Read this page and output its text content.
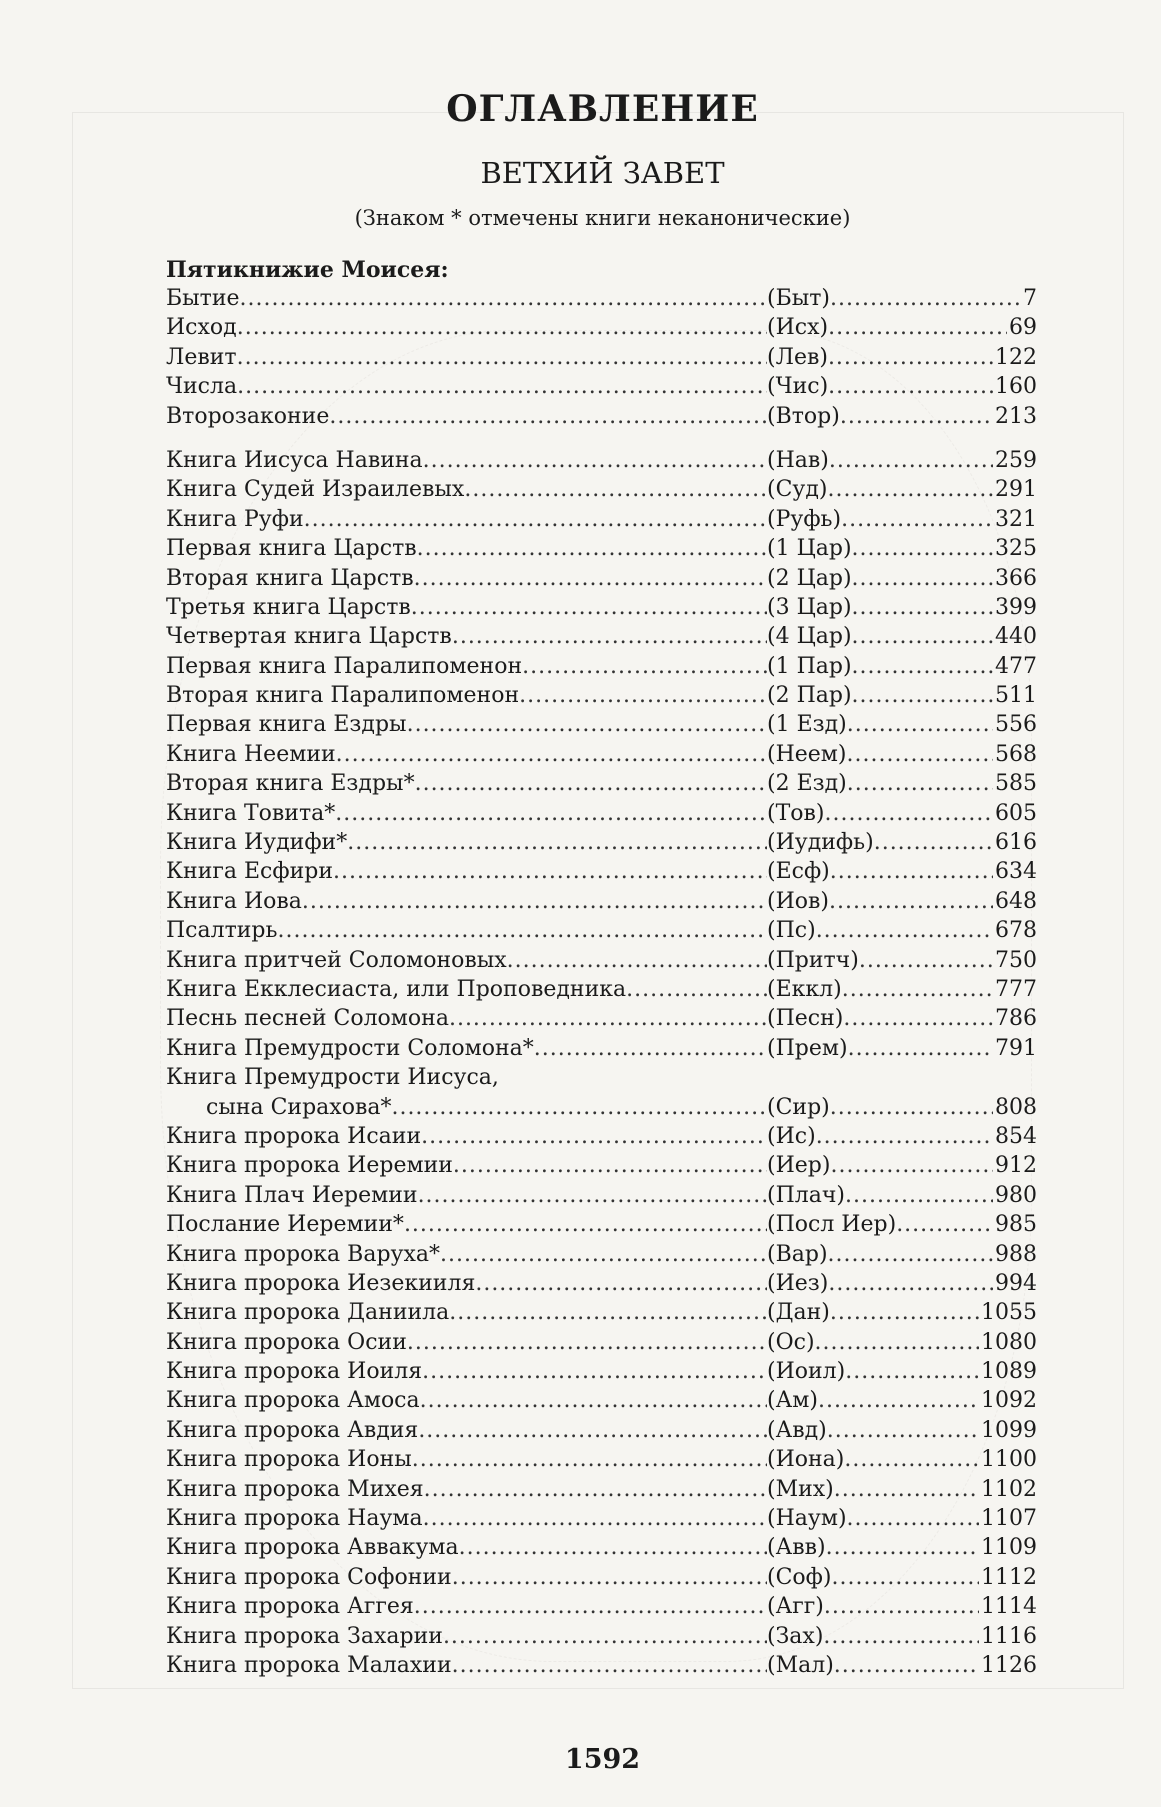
ОГЛАВЛЕНИЕ
ВЕТХИЙ ЗАВЕТ
(Знаком * отмечены книги неканонические)
Пятикнижие Моисея:
Бытие .....	(Быт) .....	7
Исход .....	(Исх) .....	69
Левит .....	(Лев) .....	122
Числа .....	(Чис) .....	160
Второзаконие .....	(Втор) .....	213
Книга Иисуса Навина .....	(Нав) .....	259
Книга Судей Израилевых .....	(Суд) .....	291
Книга Руфи .....	(Руфь) .....	321
Первая книга Царств .....	(1 Цар) .....	325
Вторая книга Царств .....	(2 Цар) .....	366
Третья книга Царств .....	(3 Цар) .....	399
Четвертая книга Царств .....	(4 Цар) .....	440
Первая книга Паралипоменон .....	(1 Пар) .....	477
Вторая книга Паралипоменон .....	(2 Пар) .....	511
Первая книга Ездры .....	(1 Езд) .....	556
Книга Неемии .....	(Неем) .....	568
Вторая книга Ездры* .....	(2 Езд) .....	585
Книга Товита* .....	(Тов) .....	605
Книга Иудифи* .....	(Иудифь) .....	616
Книга Есфири .....	(Есф) .....	634
Книга Иова .....	(Иов) .....	648
Псалтирь .....	(Пс) .....	678
Книга притчей Соломоновых .....	(Притч) .....	750
Книга Екклесиаста, или Проповедника .....	(Еккл) .....	777
Песнь песней Соломона .....	(Песн) .....	786
Книга Премудрости Соломона* .....	(Прем) .....	791
Книга Премудрости Иисуса,
сына Сирахова* .....	(Сир) .....	808
Книга пророка Исаии .....	(Ис) .....	854
Книга пророка Иеремии .....	(Иер) .....	912
Книга Плач Иеремии .....	(Плач) .....	980
Послание Иеремии* .....	(Посл Иер) .....	985
Книга пророка Варуха* .....	(Вар) .....	988
Книга пророка Иезекииля .....	(Иез) .....	994
Книга пророка Даниила .....	(Дан) .....	1055
Книга пророка Осии .....	(Ос) .....	1080
Книга пророка Иоиля .....	(Иоил) .....	1089
Книга пророка Амоса .....	(Ам) .....	1092
Книга пророка Авдия .....	(Авд) .....	1099
Книга пророка Ионы .....	(Иона) .....	1100
Книга пророка Михея .....	(Мих) .....	1102
Книга пророка Наума .....	(Наум) .....	1107
Книга пророка Аввакума .....	(Авв) .....	1109
Книга пророка Софонии .....	(Соф) .....	1112
Книга пророка Аггея .....	(Агг) .....	1114
Книга пророка Захарии .....	(Зах) .....	1116
Книга пророка Малахии .....	(Мал) .....	1126
1592
